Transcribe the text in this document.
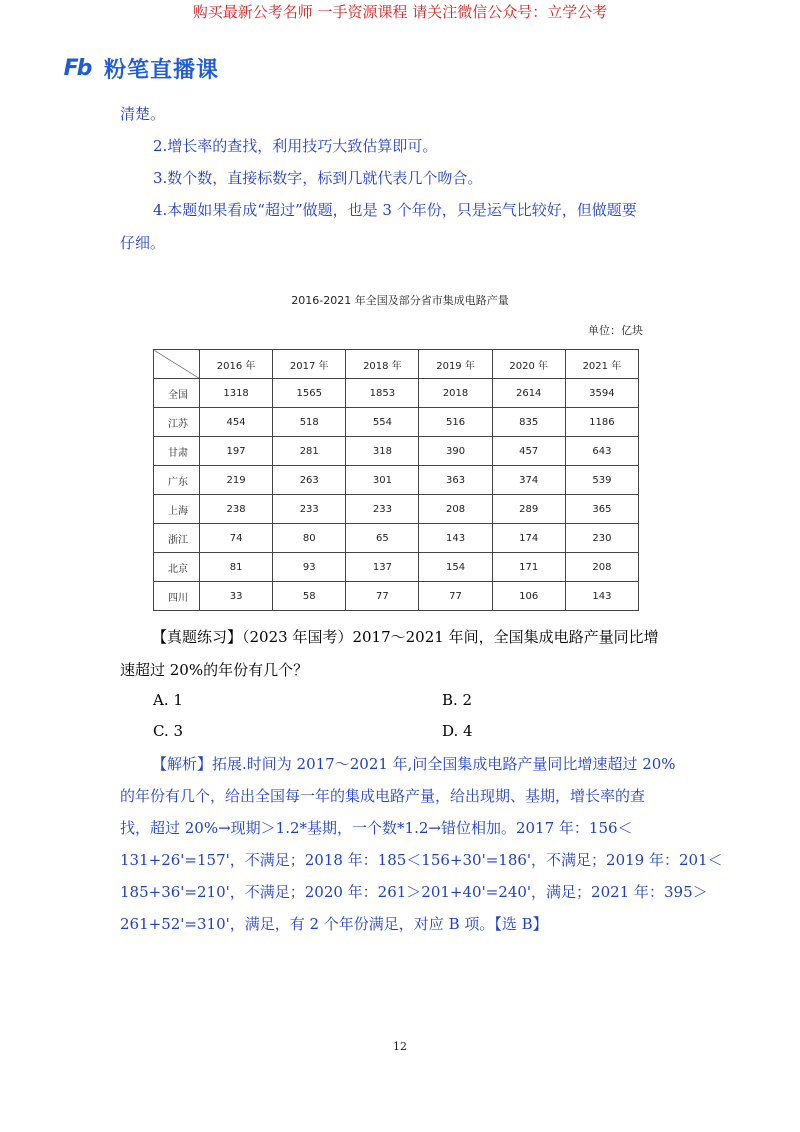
购买最新公考名师 一手资源课程 请关注微信公众号：立学公考
Fb 粉笔直播课
清楚。
2.增长率的查找，利用技巧大致估算即可。
3.数个数，直接标数字，标到几就代表几个吻合。
4.本题如果看成“超过”做题，也是 3 个年份，只是运气比较好，但做题要
仔细。
2016-2021 年全国及部分省市集成电路产量
单位：亿块
	2016 年	2017 年	2018 年	2019 年	2020 年	2021 年
全国	1318	1565	1853	2018	2614	3594
江苏	454	518	554	516	835	1186
甘肃	197	281	318	390	457	643
广东	219	263	301	363	374	539
上海	238	233	233	208	289	365
浙江	74	80	65	143	174	230
北京	81	93	137	154	171	208
四川	33	58	77	77	106	143
【真题练习】（2023 年国考）2017～2021 年间，全国集成电路产量同比增
速超过 20%的年份有几个？
A. 1	B. 2
C. 3	D. 4
【解析】拓展.时间为 2017～2021 年,问全国集成电路产量同比增速超过 20%
的年份有几个，给出全国每一年的集成电路产量，给出现期、基期，增长率的查
找，超过 20%→现期＞1.2*基期，一个数*1.2→错位相加。2017 年：156＜
131+26'=157'，不满足；2018 年：185＜156+30'=186'，不满足；2019 年：201＜
185+36'=210'，不满足；2020 年：261＞201+40'=240'，满足；2021 年：395＞
261+52'=310'，满足，有 2 个年份满足，对应 B 项。【选 B】
12
